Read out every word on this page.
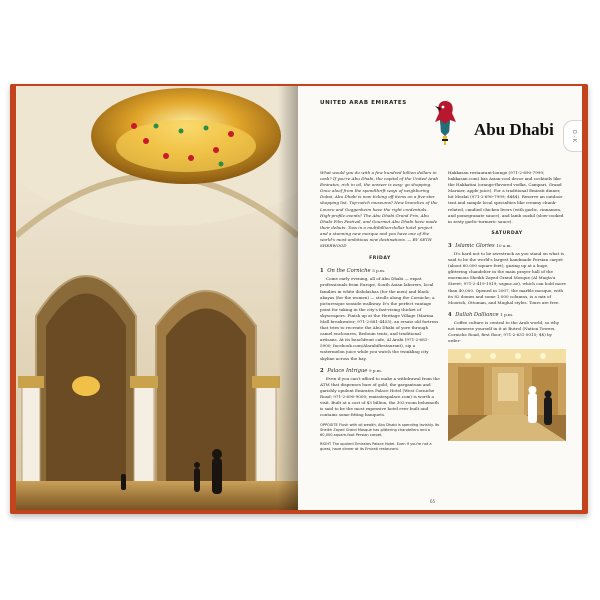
D - K
UNITED ARAB EMIRATES
Abu Dhabi

What would you do with a few hundred billion dollars in cash? If you're Abu Dhabi, the capital of the United Arab Emirates, rich in oil, the answer is easy: go shopping. Once aloof from the spendthrift ways of neighboring Dubai, Abu Dhabi is now ticking off items on a five-star shopping list. Top-notch museums? New branches of the Louvre and Guggenheim have the right credentials. High-profile events? The Abu Dhabi Grand Prix, Abu Dhabi Film Festival, and Gourmet Abu Dhabi have made their debuts. Toss in a multibillion-dollar hotel project and a stunning new mosque and you have one of the world's most ambitious new destinations. — BY SETH SHERWOOD

FRIDAY
1 On the Corniche 5 p.m.

Come early evening, all of Abu Dhabi — expat professionals from Europe, South Asian laborers, local families in white dishdashas (for the men) and black abayas (for the women) — strolls along the Corniche, a picturesque seaside walkway. It's the perfect vantage point for taking in the city's fast-rising thicket of skyscrapers. Finish up at the Heritage Village (Marina Mall breakwater; 971-2-681-4455), an ersatz old fortress that tries to recreate the Abu Dhabi of yore through camel enclosures, Bedouin tents, and traditional artisans. At its beachfront cafe, Al Arabi (971-2-681-5900; facebook.com/AlarabiRestaurant), sip a watermelon juice while you watch the twinkling city skyline across the bay.

2 Palace Intrigue 9 p.m.

Even if you can't afford to make a withdrawal from the ATM that dispenses bars of gold, the gargantuan and garishly opulent Emirates Palace Hotel (West Corniche Road; 971-2-690-9000; emiratespalace.com) is worth a visit. Built at a cost of $3 billion, the 302-room behemoth is said to be the most expensive hotel ever built and contains some fitting banquets.

OPPOSITE Flush with oil wealth, Abu Dhabi is spending lavishly. Its Sheikh Zayed Grand Mosque has glittering chandeliers and a 60,000-square-foot Persian carpet.

RIGHT The opulent Emirates Palace Hotel. Even if you're not a guest, have dinner at its Emirati restaurant.

Hakkasan restaurant-lounge (971-2-690-7999; hakkasan.com) has Asian-cool decor and cocktails like the Hakkatini (orange-flavored vodka, Campari, Grand Marnier, apple juice). For a traditional Emirati dinner, hit Mezlai (971-2-690-7999; $$$$). Reserve an outdoor tent and sample local specialties like creamy chunk-related, candied chicken livers (with garlic, cinnamon, and pomegranate sauce), and lamb ouzhil (slow-cooked in zesty garlic-turmeric sauce).

SATURDAY
3 Islamic Glories 10 a.m.

It's hard not to be awestruck as you stand on what is said to be the world's largest handmade Persian carpet (about 60,000 square feet), gazing up at a huge, glittering chandelier in the main prayer hall of the enormous Sheikh Zayed Grand Mosque (Al Maqta'a Street; 971-2-419-1919; szgmc.ae), which can hold more than 40,000. Opened in 2007, the marble mosque, with its 82 domes and some 1,000 columns, is a mix of Moorish, Ottoman, and Mughal styles. Tours are free.

4 Dallah Dalliance 1 p.m.

Coffee culture is central to the Arab world, so why not immerse yourself in it at Butrol (Nation Towers, Corniche Road, first floor; 971-2-631-0015; $$) by order-

65
